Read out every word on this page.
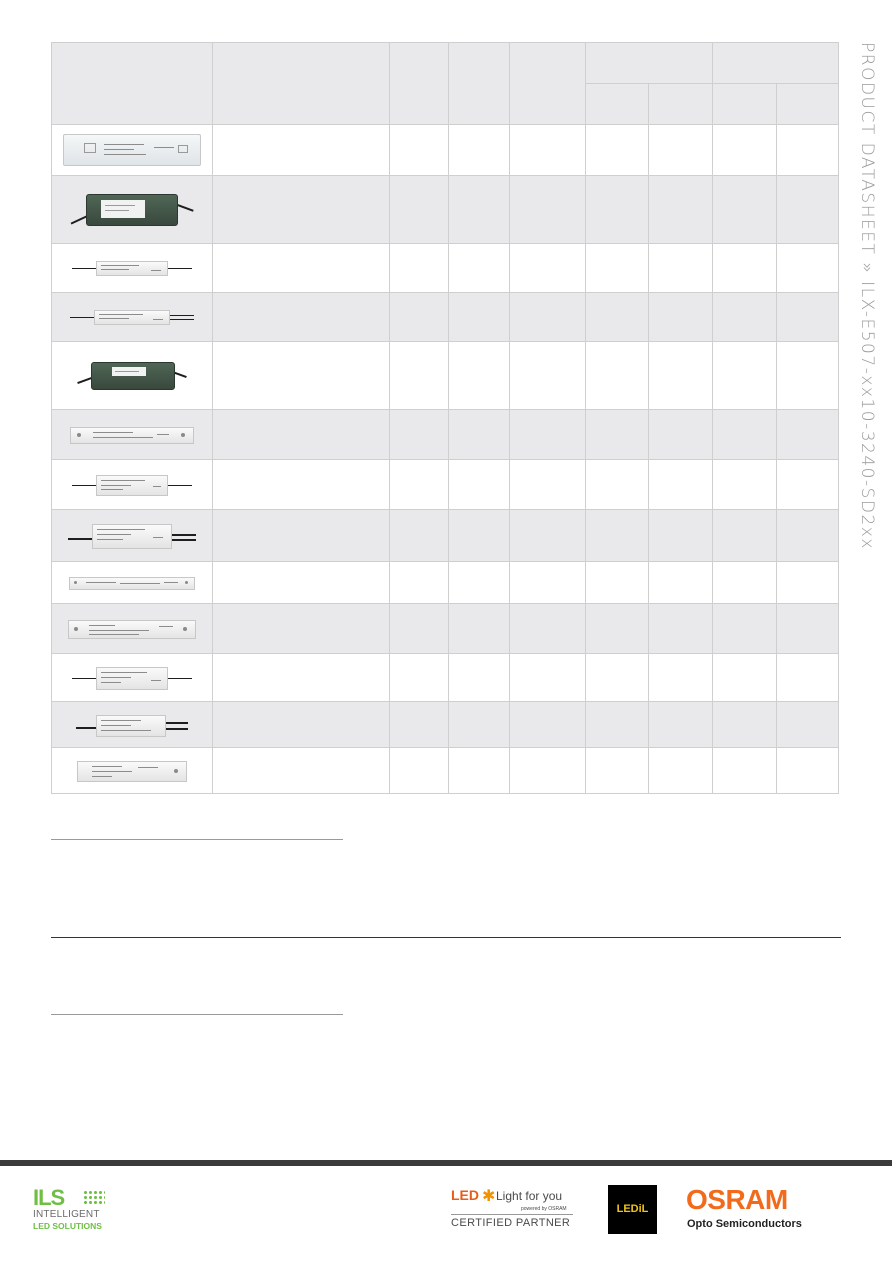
PRODUCT DATASHEET » ILX-E507-xx10-3240-SD2xx
ILS
INTELLIGENT
LED SOLUTIONS
LED ✱ Light for you
powered by OSRAM
CERTIFIED PARTNER
LEDiL	OSRAM
Opto Semiconductors
